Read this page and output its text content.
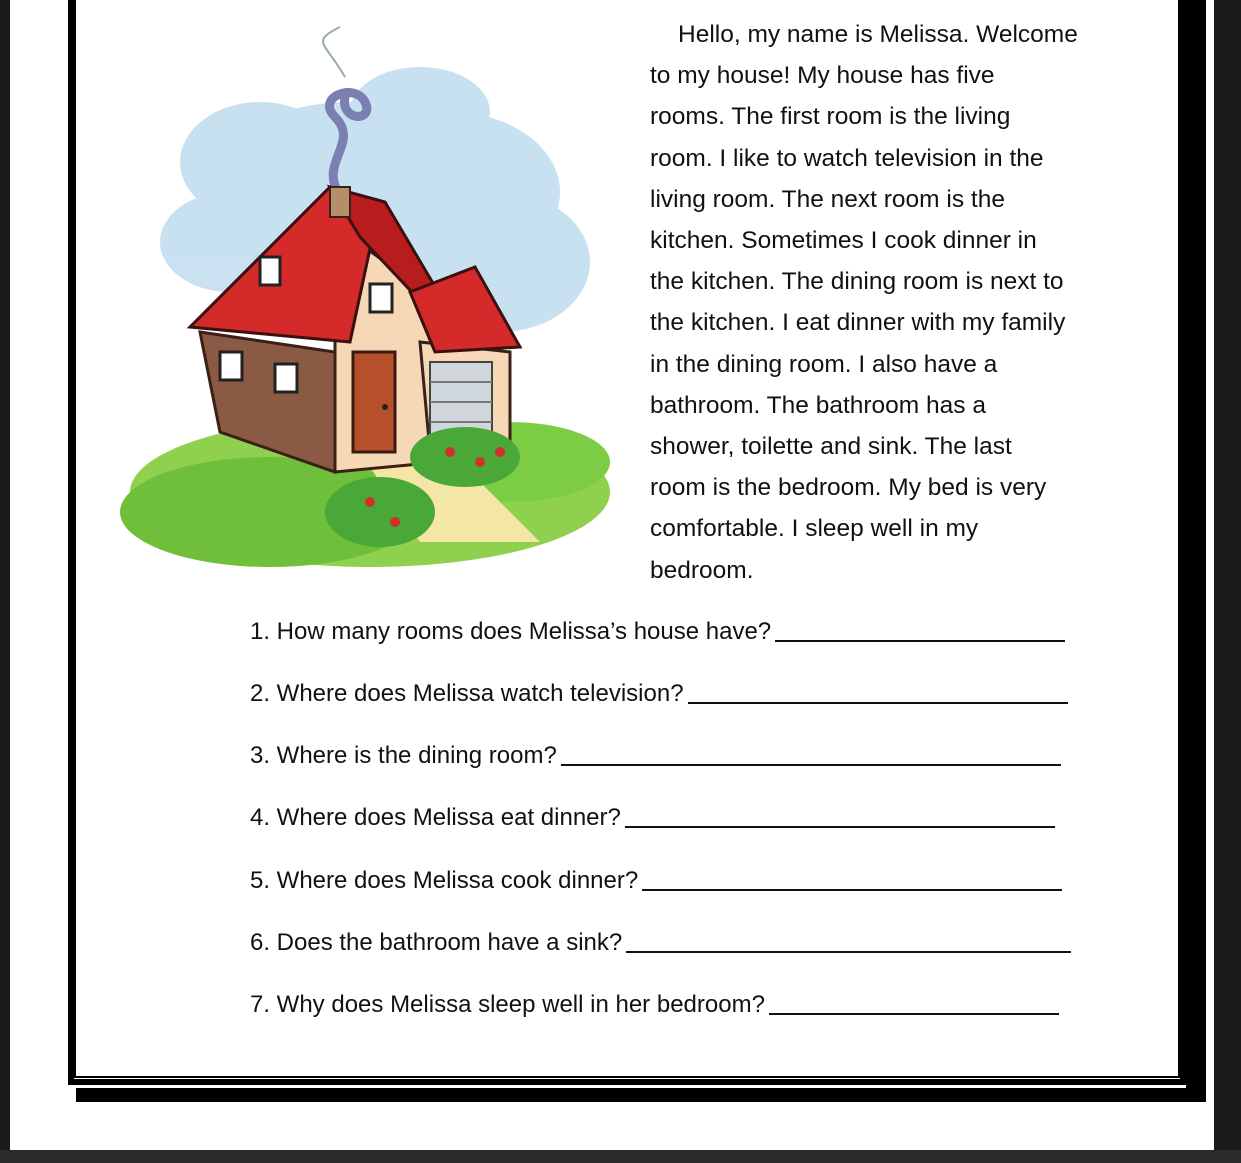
Hello, my name is Melissa. Welcome

to my house! My house has five

rooms. The first room is the living

room. I like to watch television in the

living room. The next room is the

kitchen. Sometimes I cook dinner in

the kitchen. The dining room is next to

the kitchen. I eat dinner with my family

in the dining room. I also have a

bathroom. The bathroom has a

shower, toilette and sink. The last

room is the bedroom. My bed is very

comfortable. I sleep well in my

bedroom.

1. How many rooms does Melissa’s house have?
2. Where does Melissa watch television?
3. Where is the dining room?
4. Where does Melissa eat dinner?
5. Where does Melissa cook dinner?
6. Does the bathroom have a sink?
7. Why does Melissa sleep well in her bedroom?
